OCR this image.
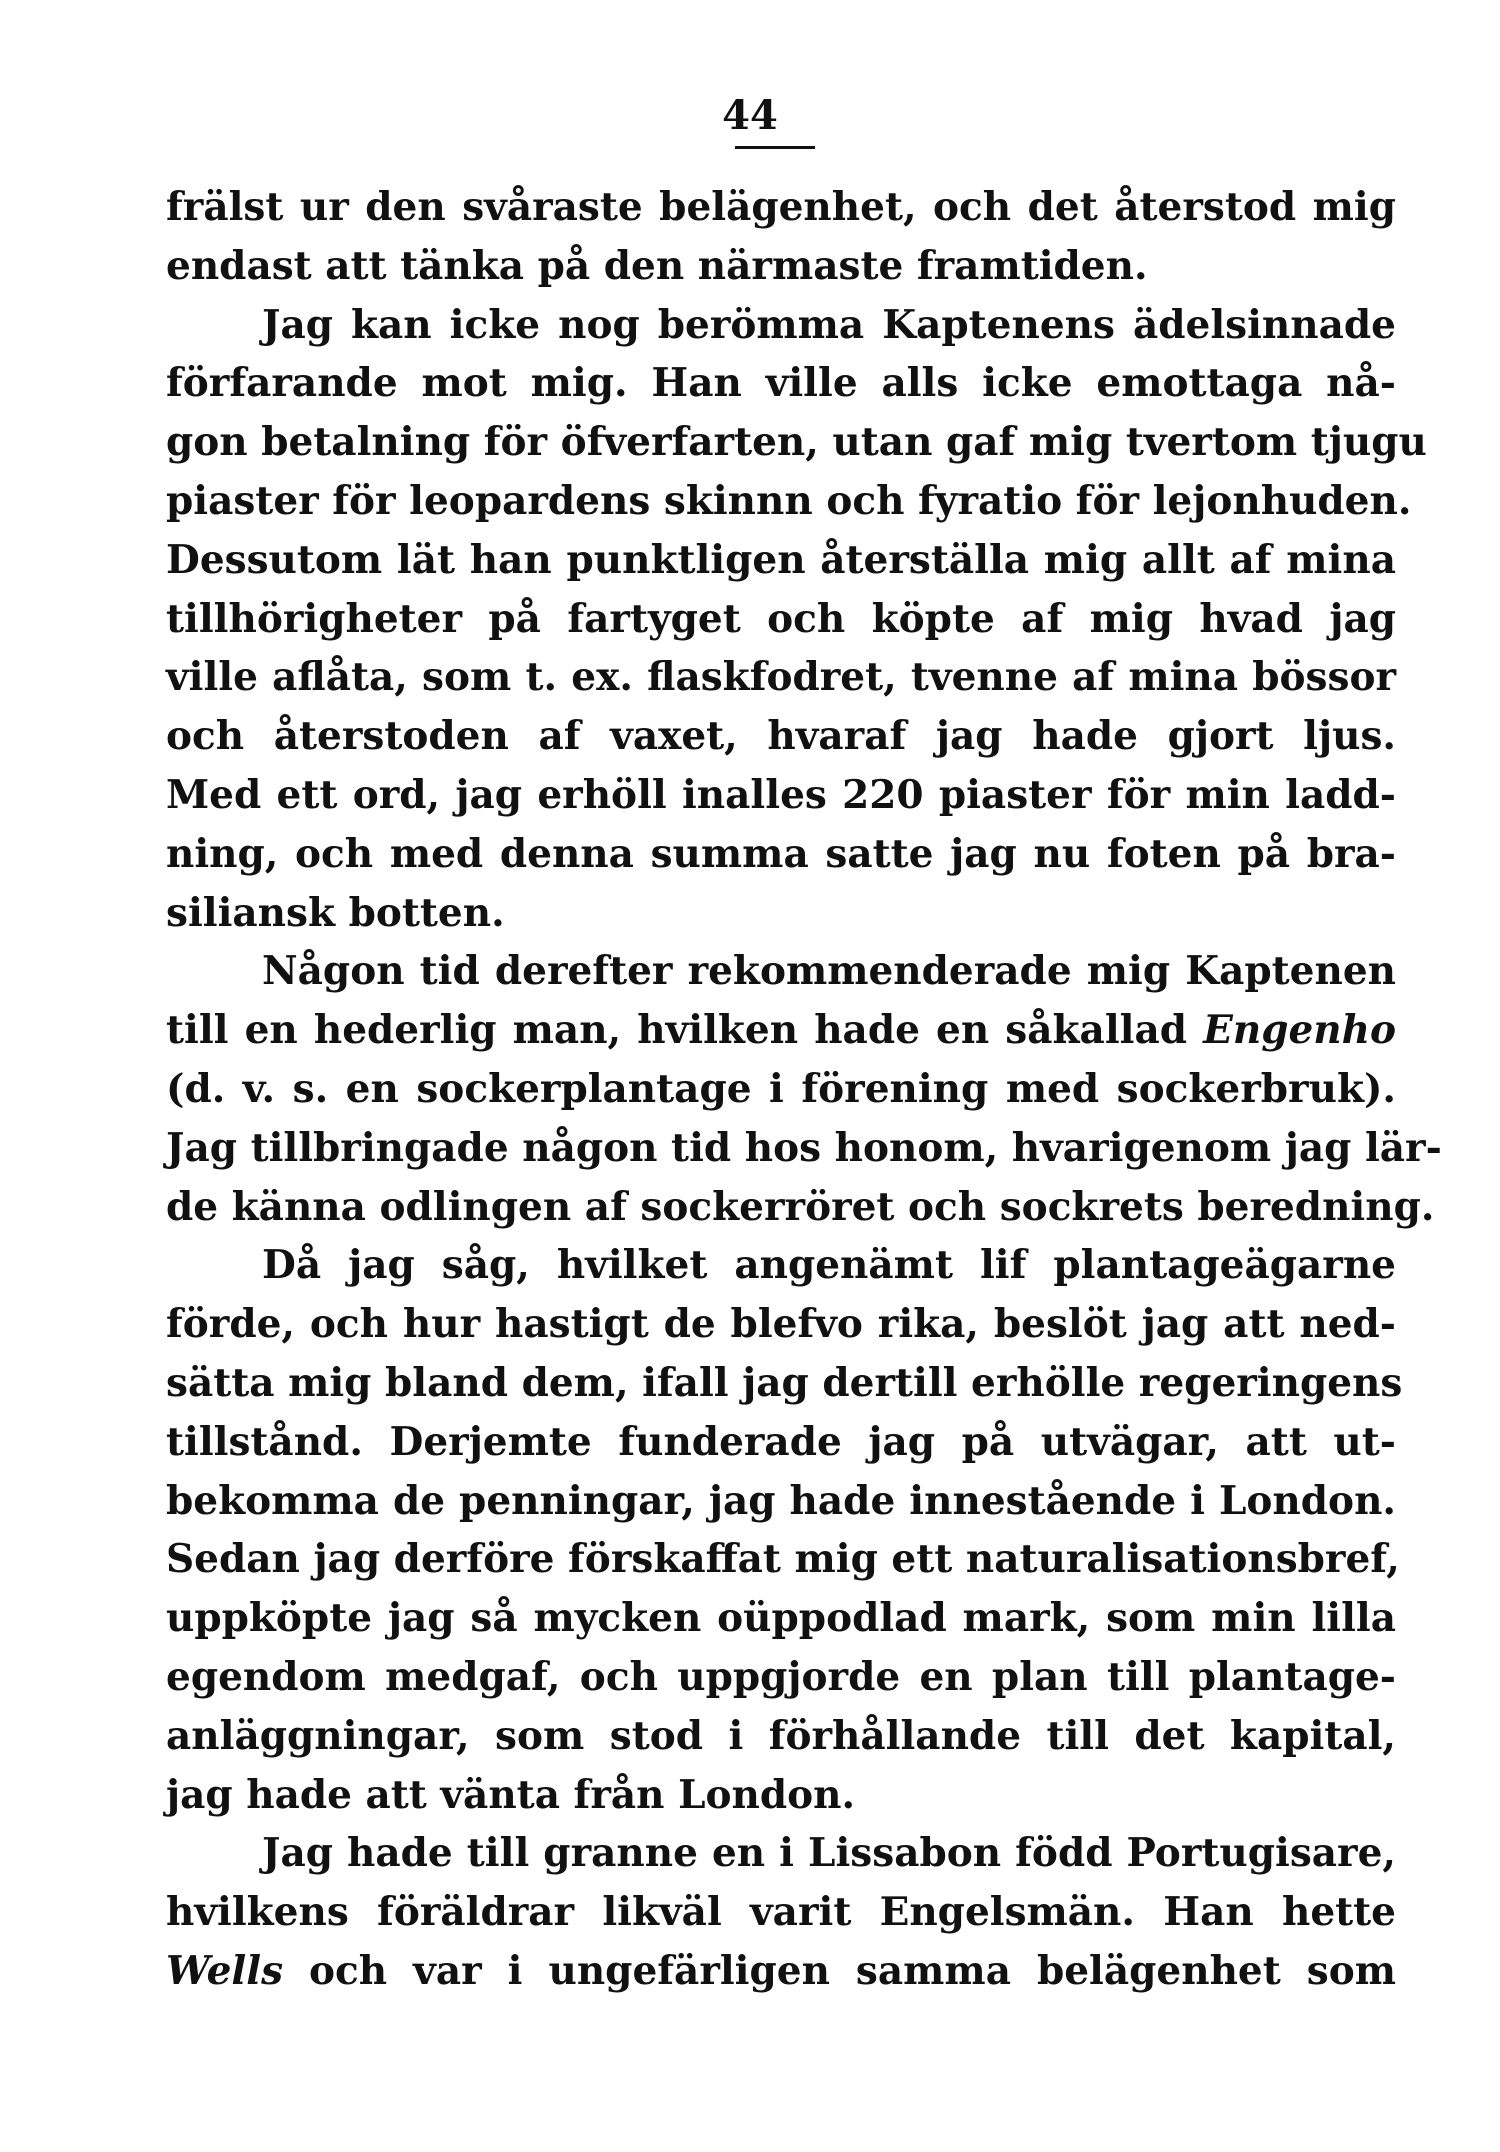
44
frälst ur den svåraste belägenhet, och det återstod mig
endast att tänka på den närmaste framtiden.
Jag kan icke nog berömma Kaptenens ädelsinnade
förfarande mot mig. Han ville alls icke emottaga nå-
gon betalning för öfverfarten, utan gaf mig tvertom tjugu
piaster för leopardens skinnn och fyratio för lejonhuden.
Dessutom lät han punktligen återställa mig allt af mina
tillhörigheter på fartyget och köpte af mig hvad jag
ville aflåta, som t. ex. flaskfodret, tvenne af mina bössor
och återstoden af vaxet, hvaraf jag hade gjort ljus.
Med ett ord, jag erhöll inalles 220 piaster för min ladd-
ning, och med denna summa satte jag nu foten på bra-
siliansk botten.
Någon tid derefter rekommenderade mig Kaptenen
till en hederlig man, hvilken hade en såkallad Engenho
(d. v. s. en sockerplantage i förening med sockerbruk).
Jag tillbringade någon tid hos honom, hvarigenom jag lär-
de känna odlingen af sockerröret och sockrets beredning.
Då jag såg, hvilket angenämt lif plantageägarne
förde, och hur hastigt de blefvo rika, beslöt jag att ned-
sätta mig bland dem, ifall jag dertill erhölle regeringens
tillstånd. Derjemte funderade jag på utvägar, att ut-
bekomma de penningar, jag hade innestående i London.
Sedan jag derföre förskaffat mig ett naturalisationsbref,
uppköpte jag så mycken oüppodlad mark, som min lilla
egendom medgaf, och uppgjorde en plan till plantage-
anläggningar, som stod i förhållande till det kapital,
jag hade att vänta från London.
Jag hade till granne en i Lissabon född Portugisare,
hvilkens föräldrar likväl varit Engelsmän. Han hette
Wells och var i ungefärligen samma belägenhet som
